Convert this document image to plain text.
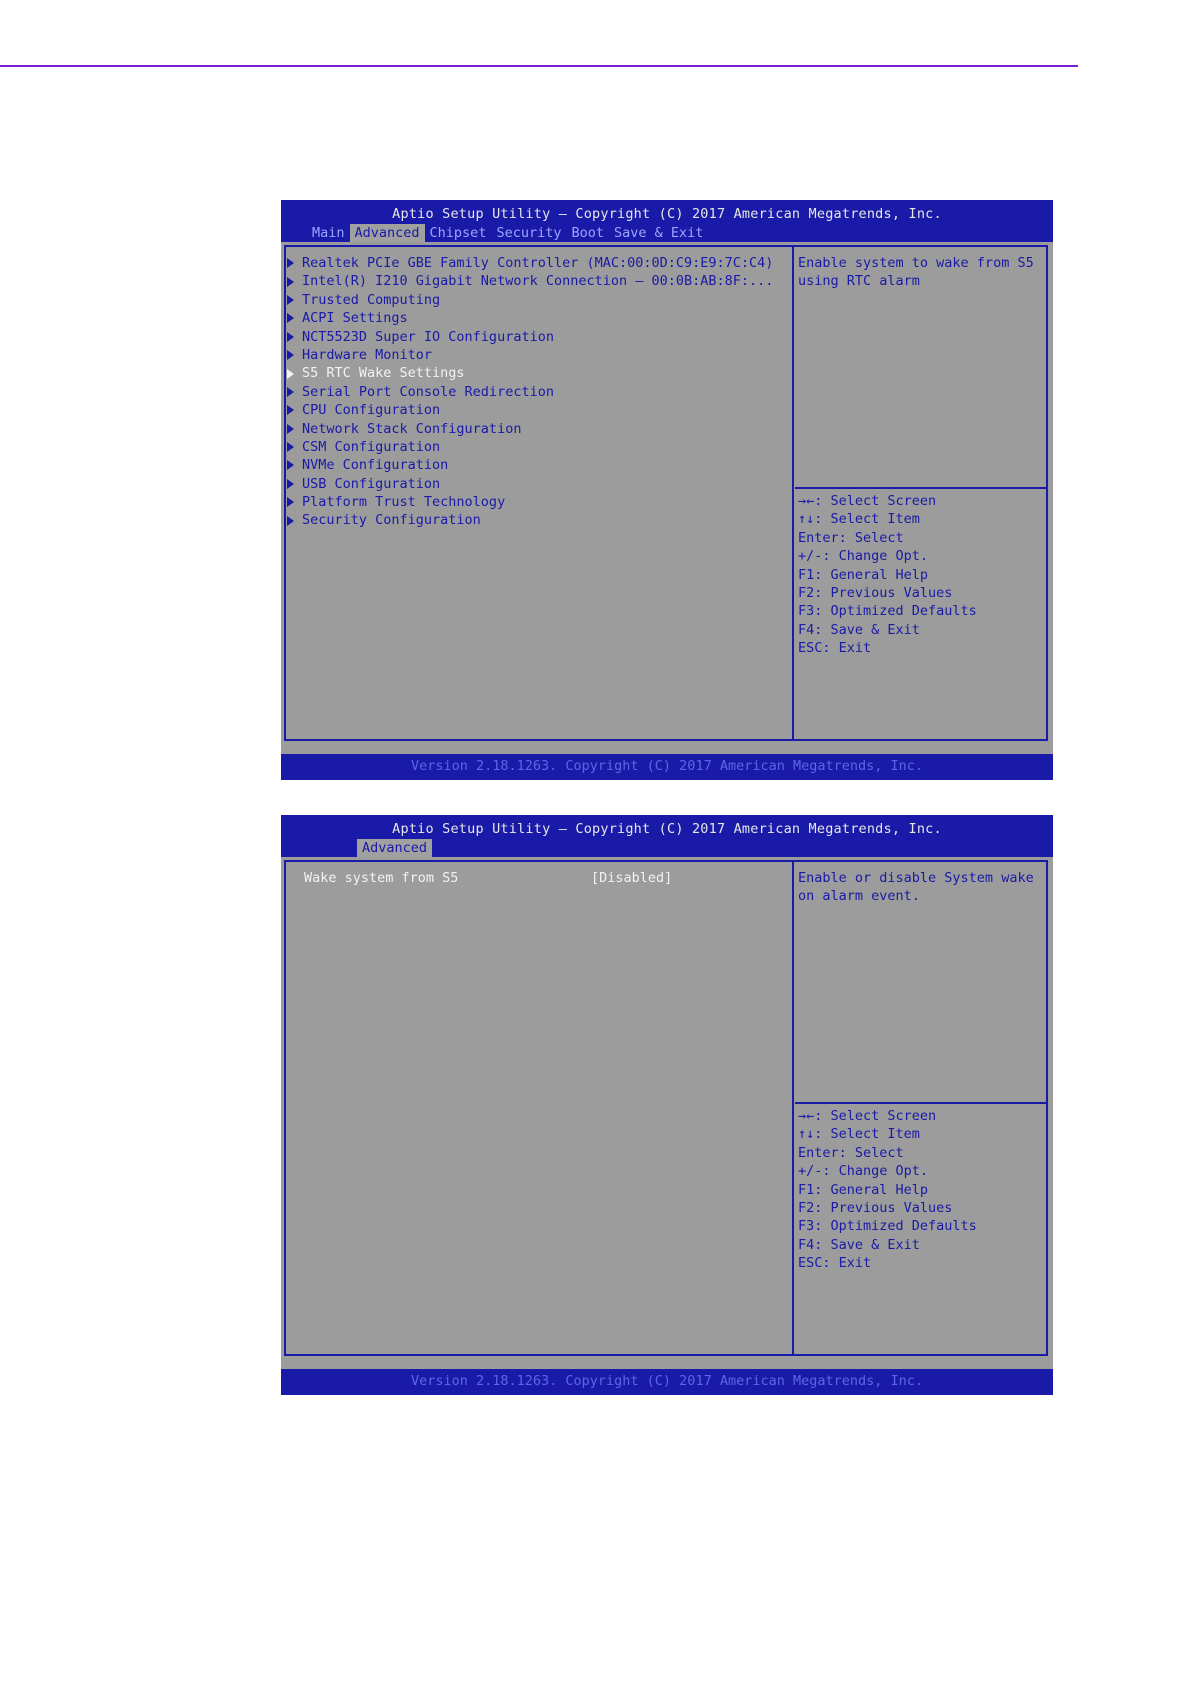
Aptio Setup Utility – Copyright (C) 2017 American Megatrends, Inc.
Main Advanced Chipset Security Boot Save & Exit
Realtek PCIe GBE Family Controller (MAC:00:0D:C9:E9:7C:C4)
Intel(R) I210 Gigabit Network Connection – 00:0B:AB:8F:...
Trusted Computing
ACPI Settings
NCT5523D Super IO Configuration
Hardware Monitor
S5 RTC Wake Settings
Serial Port Console Redirection
CPU Configuration
Network Stack Configuration
CSM Configuration
NVMe Configuration
USB Configuration
Platform Trust Technology
Security Configuration
Enable system to wake from S5
using RTC alarm
→←: Select Screen
↑↓: Select Item
Enter: Select
+/-: Change Opt.
F1: General Help
F2: Previous Values
F3: Optimized Defaults
F4: Save & Exit
ESC: Exit
Version 2.18.1263. Copyright (C) 2017 American Megatrends, Inc.
Aptio Setup Utility – Copyright (C) 2017 American Megatrends, Inc.
Advanced
Wake system from S5	[Disabled]	Enable or disable System wake
on alarm event.
→←: Select Screen
↑↓: Select Item
Enter: Select
+/-: Change Opt.
F1: General Help
F2: Previous Values
F3: Optimized Defaults
F4: Save & Exit
ESC: Exit
Version 2.18.1263. Copyright (C) 2017 American Megatrends, Inc.
